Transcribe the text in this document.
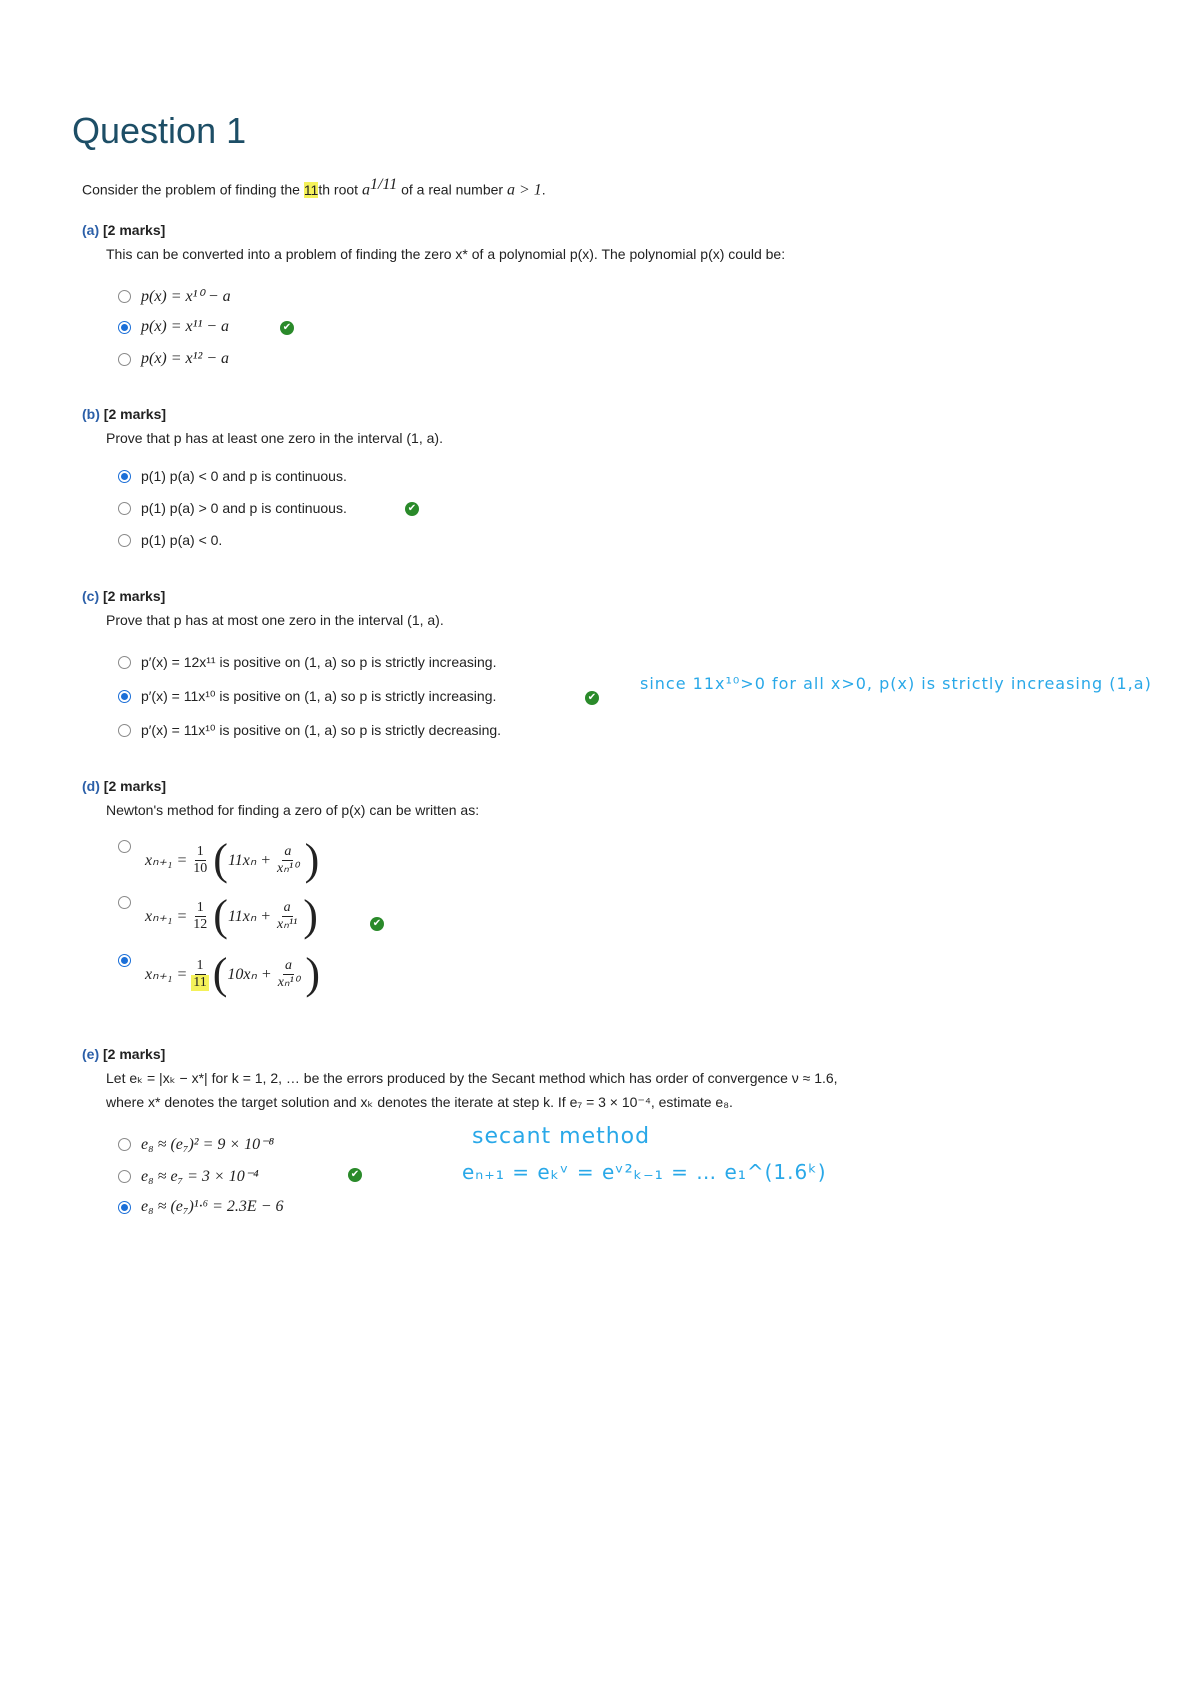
Question 1
Consider the problem of finding the 11th root $a^{1/11}$ of a real number a > 1.
(a) [2 marks]
This can be converted into a problem of finding the zero x* of a polynomial p(x). The polynomial p(x) could be:
p(x) = x¹⁰ − a
p(x) = x¹¹ − a	✔
p(x) = x¹² − a
(b) [2 marks]
Prove that p has at least one zero in the interval (1, a).
p(1) p(a) < 0 and p is continuous.
p(1) p(a) > 0 and p is continuous.	✔
p(1) p(a) < 0.
(c) [2 marks]
Prove that p has at most one zero in the interval (1, a).
p′(x) = 12x¹¹ is positive on (1, a) so p is strictly increasing.
p′(x) = 11x¹⁰ is positive on (1, a) so p is strictly increasing.	✔
p′(x) = 11x¹⁰ is positive on (1, a) so p is strictly decreasing.
since 11x¹⁰>0 for all x>0, p(x) is strictly increasing (1,a)
(d) [2 marks]
Newton's method for finding a zero of p(x) can be written as:
$x_{n+1} = \frac{1}{10}$ ( $11x_n + \frac{a}{\text{xₙ¹⁰}}$ )
$x_{n+1} = \frac{1}{12}$ ( $11x_n + \frac{a}{\text{xₙ¹¹}}$ )	✔
$x_{n+1} = \frac{1}{11}$ ( $10x_n + \frac{a}{\text{xₙ¹⁰}}$ )
(e) [2 marks]
Let eₖ = |xₖ − x*| for k = 1, 2, … be the errors produced by the Secant method which has order of convergence ν ≈ 1.6,
where x* denotes the target solution and xₖ denotes the iterate at step k. If e₇ = 3 × 10⁻⁴, estimate e₈.
e₈ ≈ (e₇)² = 9 × 10⁻⁸
e₈ ≈ e₇ = 3 × 10⁻⁴	✔
e₈ ≈ (e₇)¹·⁶ = 2.3E − 6
secant method
eₙ₊₁ = eₖᵛ = eᵛ²ₖ₋₁ = … e₁^(1.6ᵏ)
